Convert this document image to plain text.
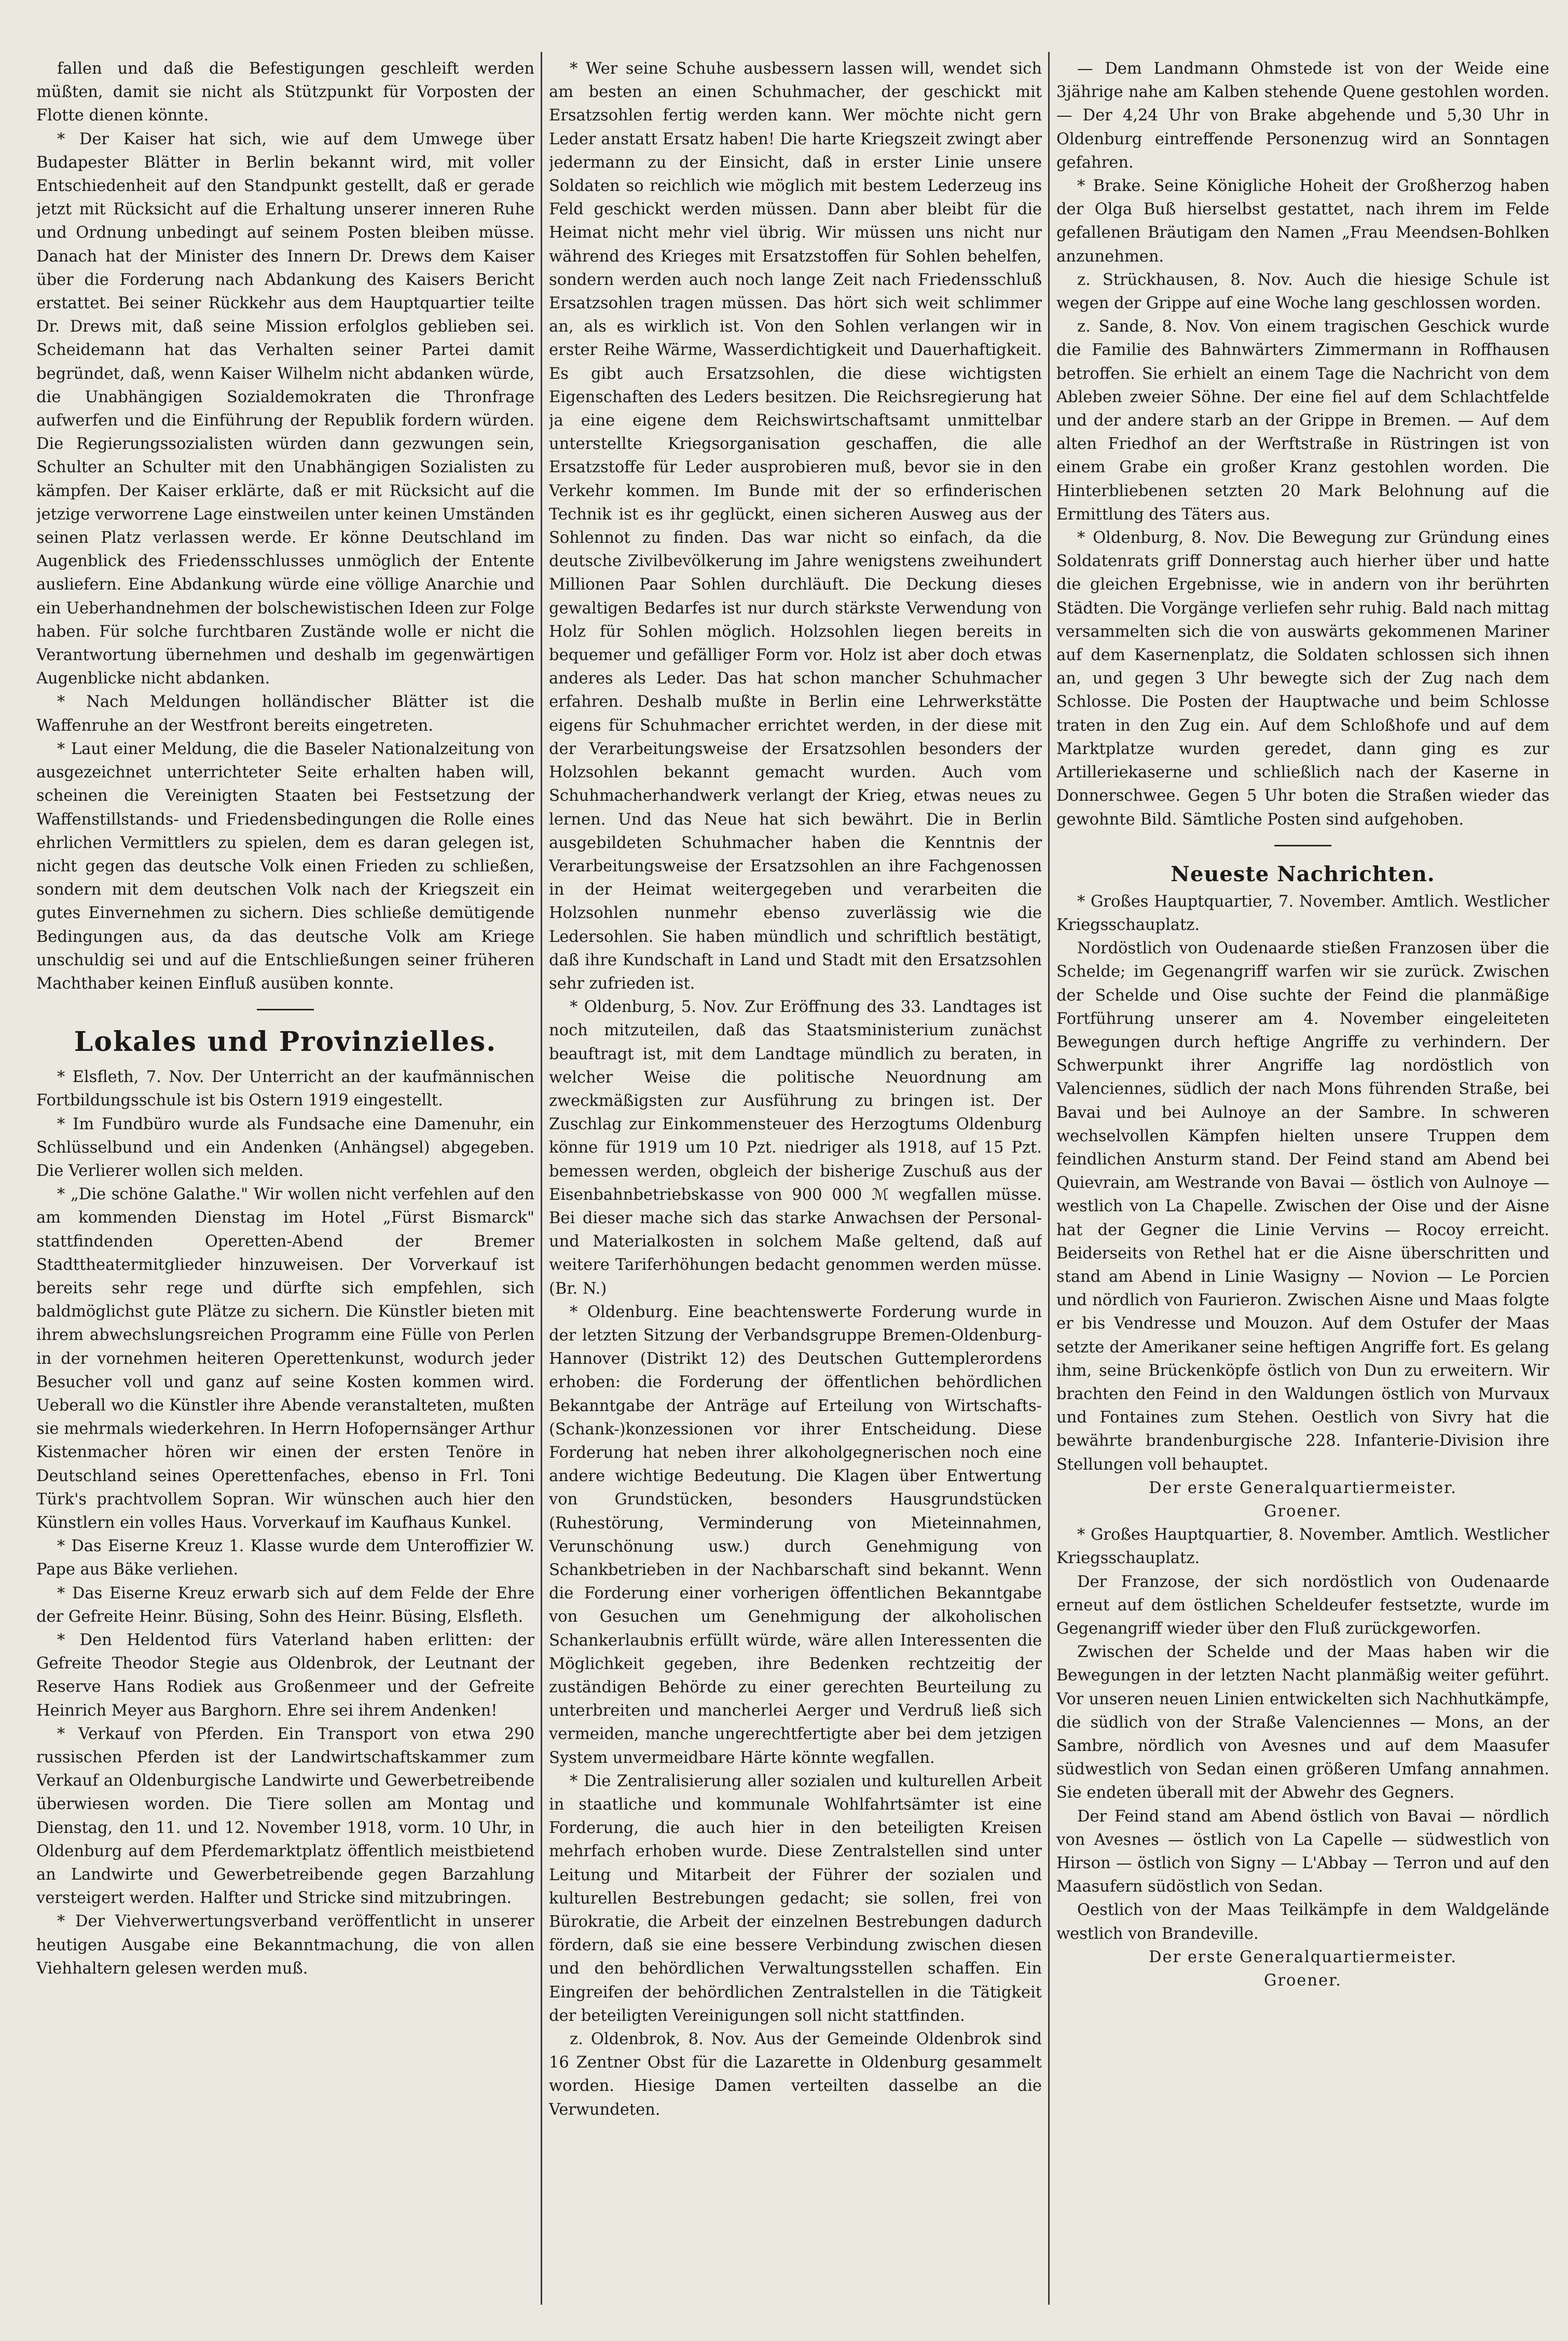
fallen und daß die Befestigungen geschleift werden müßten, damit sie nicht als Stützpunkt für Vorposten der Flotte dienen könnte.

* Der Kaiser hat sich, wie auf dem Umwege über Budapester Blätter in Berlin bekannt wird, mit voller Entschiedenheit auf den Standpunkt gestellt, daß er gerade jetzt mit Rücksicht auf die Erhaltung unserer inneren Ruhe und Ordnung unbedingt auf seinem Posten bleiben müsse. Danach hat der Minister des Innern Dr. Drews dem Kaiser über die Forderung nach Abdankung des Kaisers Bericht erstattet. Bei seiner Rückkehr aus dem Hauptquartier teilte Dr. Drews mit, daß seine Mission erfolglos geblieben sei. Scheidemann hat das Verhalten seiner Partei damit begründet, daß, wenn Kaiser Wilhelm nicht abdanken würde, die Unabhängigen Sozialdemokraten die Thronfrage aufwerfen und die Einführung der Republik fordern würden. Die Regierungssozialisten würden dann gezwungen sein, Schulter an Schulter mit den Unabhängigen Sozialisten zu kämpfen. Der Kaiser erklärte, daß er mit Rücksicht auf die jetzige verworrene Lage einstweilen unter keinen Umständen seinen Platz verlassen werde. Er könne Deutschland im Augenblick des Friedensschlusses unmöglich der Entente ausliefern. Eine Abdankung würde eine völlige Anarchie und ein Ueberhandnehmen der bolschewistischen Ideen zur Folge haben. Für solche furchtbaren Zustände wolle er nicht die Verantwortung übernehmen und deshalb im gegenwärtigen Augenblicke nicht abdanken.

* Nach Meldungen holländischer Blätter ist die Waffenruhe an der Westfront bereits eingetreten.

* Laut einer Meldung, die die Baseler Nationalzeitung von ausgezeichnet unterrichteter Seite erhalten haben will, scheinen die Vereinigten Staaten bei Festsetzung der Waffenstillstands- und Friedensbedingungen die Rolle eines ehrlichen Vermittlers zu spielen, dem es daran gelegen ist, nicht gegen das deutsche Volk einen Frieden zu schließen, sondern mit dem deutschen Volk nach der Kriegszeit ein gutes Einvernehmen zu sichern. Dies schließe demütigende Bedingungen aus, da das deutsche Volk am Kriege unschuldig sei und auf die Entschließungen seiner früheren Machthaber keinen Einfluß ausüben konnte.

Lokales und Provinzielles.

* Elsfleth, 7. Nov. Der Unterricht an der kaufmännischen Fortbildungsschule ist bis Ostern 1919 eingestellt.

* Im Fundbüro wurde als Fundsache eine Damenuhr, ein Schlüsselbund und ein Andenken (Anhängsel) abgegeben. Die Verlierer wollen sich melden.

* „Die schöne Galathe." Wir wollen nicht verfehlen auf den am kommenden Dienstag im Hotel „Fürst Bismarck" stattfindenden Operetten-Abend der Bremer Stadttheatermitglieder hinzuweisen. Der Vorverkauf ist bereits sehr rege und dürfte sich empfehlen, sich baldmöglichst gute Plätze zu sichern. Die Künstler bieten mit ihrem abwechslungsreichen Programm eine Fülle von Perlen in der vornehmen heiteren Operettenkunst, wodurch jeder Besucher voll und ganz auf seine Kosten kommen wird. Ueberall wo die Künstler ihre Abende veranstalteten, mußten sie mehrmals wiederkehren. In Herrn Hofopernsänger Arthur Kistenmacher hören wir einen der ersten Tenöre in Deutschland seines Operettenfaches, ebenso in Frl. Toni Türk's prachtvollem Sopran. Wir wünschen auch hier den Künstlern ein volles Haus. Vorverkauf im Kaufhaus Kunkel.

* Das Eiserne Kreuz 1. Klasse wurde dem Unteroffizier W. Pape aus Bäke verliehen.

* Das Eiserne Kreuz erwarb sich auf dem Felde der Ehre der Gefreite Heinr. Büsing, Sohn des Heinr. Büsing, Elsfleth.

* Den Heldentod fürs Vaterland haben erlitten: der Gefreite Theodor Stegie aus Oldenbrok, der Leutnant der Reserve Hans Rodiek aus Großenmeer und der Gefreite Heinrich Meyer aus Barghorn. Ehre sei ihrem Andenken!

* Verkauf von Pferden. Ein Transport von etwa 290 russischen Pferden ist der Landwirtschaftskammer zum Verkauf an Oldenburgische Landwirte und Gewerbetreibende überwiesen worden. Die Tiere sollen am Montag und Dienstag, den 11. und 12. November 1918, vorm. 10 Uhr, in Oldenburg auf dem Pferdemarktplatz öffentlich meistbietend an Landwirte und Gewerbetreibende gegen Barzahlung versteigert werden. Halfter und Stricke sind mitzubringen.

* Der Viehverwertungsverband veröffentlicht in unserer heutigen Ausgabe eine Bekanntmachung, die von allen Viehhaltern gelesen werden muß.

* Wer seine Schuhe ausbessern lassen will, wendet sich am besten an einen Schuhmacher, der geschickt mit Ersatzsohlen fertig werden kann. Wer möchte nicht gern Leder anstatt Ersatz haben! Die harte Kriegszeit zwingt aber jedermann zu der Einsicht, daß in erster Linie unsere Soldaten so reichlich wie möglich mit bestem Lederzeug ins Feld geschickt werden müssen. Dann aber bleibt für die Heimat nicht mehr viel übrig. Wir müssen uns nicht nur während des Krieges mit Ersatzstoffen für Sohlen behelfen, sondern werden auch noch lange Zeit nach Friedensschluß Ersatzsohlen tragen müssen. Das hört sich weit schlimmer an, als es wirklich ist. Von den Sohlen verlangen wir in erster Reihe Wärme, Wasserdichtigkeit und Dauerhaftigkeit. Es gibt auch Ersatzsohlen, die diese wichtigsten Eigenschaften des Leders besitzen. Die Reichsregierung hat ja eine eigene dem Reichswirtschaftsamt unmittelbar unterstellte Kriegsorganisation geschaffen, die alle Ersatzstoffe für Leder ausprobieren muß, bevor sie in den Verkehr kommen. Im Bunde mit der so erfinderischen Technik ist es ihr geglückt, einen sicheren Ausweg aus der Sohlennot zu finden. Das war nicht so einfach, da die deutsche Zivilbevölkerung im Jahre wenigstens zweihundert Millionen Paar Sohlen durchläuft. Die Deckung dieses gewaltigen Bedarfes ist nur durch stärkste Verwendung von Holz für Sohlen möglich. Holzsohlen liegen bereits in bequemer und gefälliger Form vor. Holz ist aber doch etwas anderes als Leder. Das hat schon mancher Schuhmacher erfahren. Deshalb mußte in Berlin eine Lehrwerkstätte eigens für Schuhmacher errichtet werden, in der diese mit der Verarbeitungsweise der Ersatzsohlen besonders der Holzsohlen bekannt gemacht wurden. Auch vom Schuhmacherhandwerk verlangt der Krieg, etwas neues zu lernen. Und das Neue hat sich bewährt. Die in Berlin ausgebildeten Schuhmacher haben die Kenntnis der Verarbeitungsweise der Ersatzsohlen an ihre Fachgenossen in der Heimat weitergegeben und verarbeiten die Holzsohlen nunmehr ebenso zuverlässig wie die Ledersohlen. Sie haben mündlich und schriftlich bestätigt, daß ihre Kundschaft in Land und Stadt mit den Ersatzsohlen sehr zufrieden ist.

* Oldenburg, 5. Nov. Zur Eröffnung des 33. Landtages ist noch mitzuteilen, daß das Staatsministerium zunächst beauftragt ist, mit dem Landtage mündlich zu beraten, in welcher Weise die politische Neuordnung am zweckmäßigsten zur Ausführung zu bringen ist. Der Zuschlag zur Einkommensteuer des Herzogtums Oldenburg könne für 1919 um 10 Pzt. niedriger als 1918, auf 15 Pzt. bemessen werden, obgleich der bisherige Zuschuß aus der Eisenbahnbetriebskasse von 900 000 ℳ wegfallen müsse. Bei dieser mache sich das starke Anwachsen der Personal- und Materialkosten in solchem Maße geltend, daß auf weitere Tariferhöhungen bedacht genommen werden müsse. (Br. N.)

* Oldenburg. Eine beachtenswerte Forderung wurde in der letzten Sitzung der Verbandsgruppe Bremen-Oldenburg-Hannover (Distrikt 12) des Deutschen Guttemplerordens erhoben: die Forderung der öffentlichen behördlichen Bekanntgabe der Anträge auf Erteilung von Wirtschafts-(Schank-)konzessionen vor ihrer Entscheidung. Diese Forderung hat neben ihrer alkoholgegnerischen noch eine andere wichtige Bedeutung. Die Klagen über Entwertung von Grundstücken, besonders Hausgrundstücken (Ruhestörung, Verminderung von Mieteinnahmen, Verunschönung usw.) durch Genehmigung von Schankbetrieben in der Nachbarschaft sind bekannt. Wenn die Forderung einer vorherigen öffentlichen Bekanntgabe von Gesuchen um Genehmigung der alkoholischen Schankerlaubnis erfüllt würde, wäre allen Interessenten die Möglichkeit gegeben, ihre Bedenken rechtzeitig der zuständigen Behörde zu einer gerechten Beurteilung zu unterbreiten und mancherlei Aerger und Verdruß ließ sich vermeiden, manche ungerechtfertigte aber bei dem jetzigen System unvermeidbare Härte könnte wegfallen.

* Die Zentralisierung aller sozialen und kulturellen Arbeit in staatliche und kommunale Wohlfahrtsämter ist eine Forderung, die auch hier in den beteiligten Kreisen mehrfach erhoben wurde. Diese Zentralstellen sind unter Leitung und Mitarbeit der Führer der sozialen und kulturellen Bestrebungen gedacht; sie sollen, frei von Bürokratie, die Arbeit der einzelnen Bestrebungen dadurch fördern, daß sie eine bessere Verbindung zwischen diesen und den behördlichen Verwaltungsstellen schaffen. Ein Eingreifen der behördlichen Zentralstellen in die Tätigkeit der beteiligten Vereinigungen soll nicht stattfinden.

z. Oldenbrok, 8. Nov. Aus der Gemeinde Oldenbrok sind 16 Zentner Obst für die Lazarette in Oldenburg gesammelt worden. Hiesige Damen verteilten dasselbe an die Verwundeten.

— Dem Landmann Ohmstede ist von der Weide eine 3jährige nahe am Kalben stehende Quene gestohlen worden. — Der 4,24 Uhr von Brake abgehende und 5,30 Uhr in Oldenburg eintreffende Personenzug wird an Sonntagen gefahren.

* Brake. Seine Königliche Hoheit der Großherzog haben der Olga Buß hierselbst gestattet, nach ihrem im Felde gefallenen Bräutigam den Namen „Frau Meendsen-Bohlken anzunehmen.

z. Strückhausen, 8. Nov. Auch die hiesige Schule ist wegen der Grippe auf eine Woche lang geschlossen worden.

z. Sande, 8. Nov. Von einem tragischen Geschick wurde die Familie des Bahnwärters Zimmermann in Roffhausen betroffen. Sie erhielt an einem Tage die Nachricht von dem Ableben zweier Söhne. Der eine fiel auf dem Schlachtfelde und der andere starb an der Grippe in Bremen. — Auf dem alten Friedhof an der Werftstraße in Rüstringen ist von einem Grabe ein großer Kranz gestohlen worden. Die Hinterbliebenen setzten 20 Mark Belohnung auf die Ermittlung des Täters aus.

* Oldenburg, 8. Nov. Die Bewegung zur Gründung eines Soldatenrats griff Donnerstag auch hierher über und hatte die gleichen Ergebnisse, wie in andern von ihr berührten Städten. Die Vorgänge verliefen sehr ruhig. Bald nach mittag versammelten sich die von auswärts gekommenen Mariner auf dem Kasernenplatz, die Soldaten schlossen sich ihnen an, und gegen 3 Uhr bewegte sich der Zug nach dem Schlosse. Die Posten der Hauptwache und beim Schlosse traten in den Zug ein. Auf dem Schloßhofe und auf dem Marktplatze wurden geredet, dann ging es zur Artilleriekaserne und schließlich nach der Kaserne in Donnerschwee. Gegen 5 Uhr boten die Straßen wieder das gewohnte Bild. Sämtliche Posten sind aufgehoben.

Neueste Nachrichten.

* Großes Hauptquartier, 7. November. Amtlich. Westlicher Kriegsschauplatz.

Nordöstlich von Oudenaarde stießen Franzosen über die Schelde; im Gegenangriff warfen wir sie zurück. Zwischen der Schelde und Oise suchte der Feind die planmäßige Fortführung unserer am 4. November eingeleiteten Bewegungen durch heftige Angriffe zu verhindern. Der Schwerpunkt ihrer Angriffe lag nordöstlich von Valenciennes, südlich der nach Mons führenden Straße, bei Bavai und bei Aulnoye an der Sambre. In schweren wechselvollen Kämpfen hielten unsere Truppen dem feindlichen Ansturm stand. Der Feind stand am Abend bei Quievrain, am Westrande von Bavai — östlich von Aulnoye — westlich von La Chapelle. Zwischen der Oise und der Aisne hat der Gegner die Linie Vervins — Rocoy erreicht. Beiderseits von Rethel hat er die Aisne überschritten und stand am Abend in Linie Wasigny — Novion — Le Porcien und nördlich von Faurieron. Zwischen Aisne und Maas folgte er bis Vendresse und Mouzon. Auf dem Ostufer der Maas setzte der Amerikaner seine heftigen Angriffe fort. Es gelang ihm, seine Brückenköpfe östlich von Dun zu erweitern. Wir brachten den Feind in den Waldungen östlich von Murvaux und Fontaines zum Stehen. Oestlich von Sivry hat die bewährte brandenburgische 228. Infanterie-Division ihre Stellungen voll behauptet.

Der erste Generalquartiermeister.

Groener.

* Großes Hauptquartier, 8. November. Amtlich. Westlicher Kriegsschauplatz.

Der Franzose, der sich nordöstlich von Oudenaarde erneut auf dem östlichen Scheldeufer festsetzte, wurde im Gegenangriff wieder über den Fluß zurückgeworfen.

Zwischen der Schelde und der Maas haben wir die Bewegungen in der letzten Nacht planmäßig weiter geführt. Vor unseren neuen Linien entwickelten sich Nachhutkämpfe, die südlich von der Straße Valenciennes — Mons, an der Sambre, nördlich von Avesnes und auf dem Maasufer südwestlich von Sedan einen größeren Umfang annahmen. Sie endeten überall mit der Abwehr des Gegners.

Der Feind stand am Abend östlich von Bavai — nördlich von Avesnes — östlich von La Capelle — südwestlich von Hirson — östlich von Signy — L'Abbay — Terron und auf den Maasufern südöstlich von Sedan.

Oestlich von der Maas Teilkämpfe in dem Waldgelände westlich von Brandeville.

Der erste Generalquartiermeister.

Groener.
